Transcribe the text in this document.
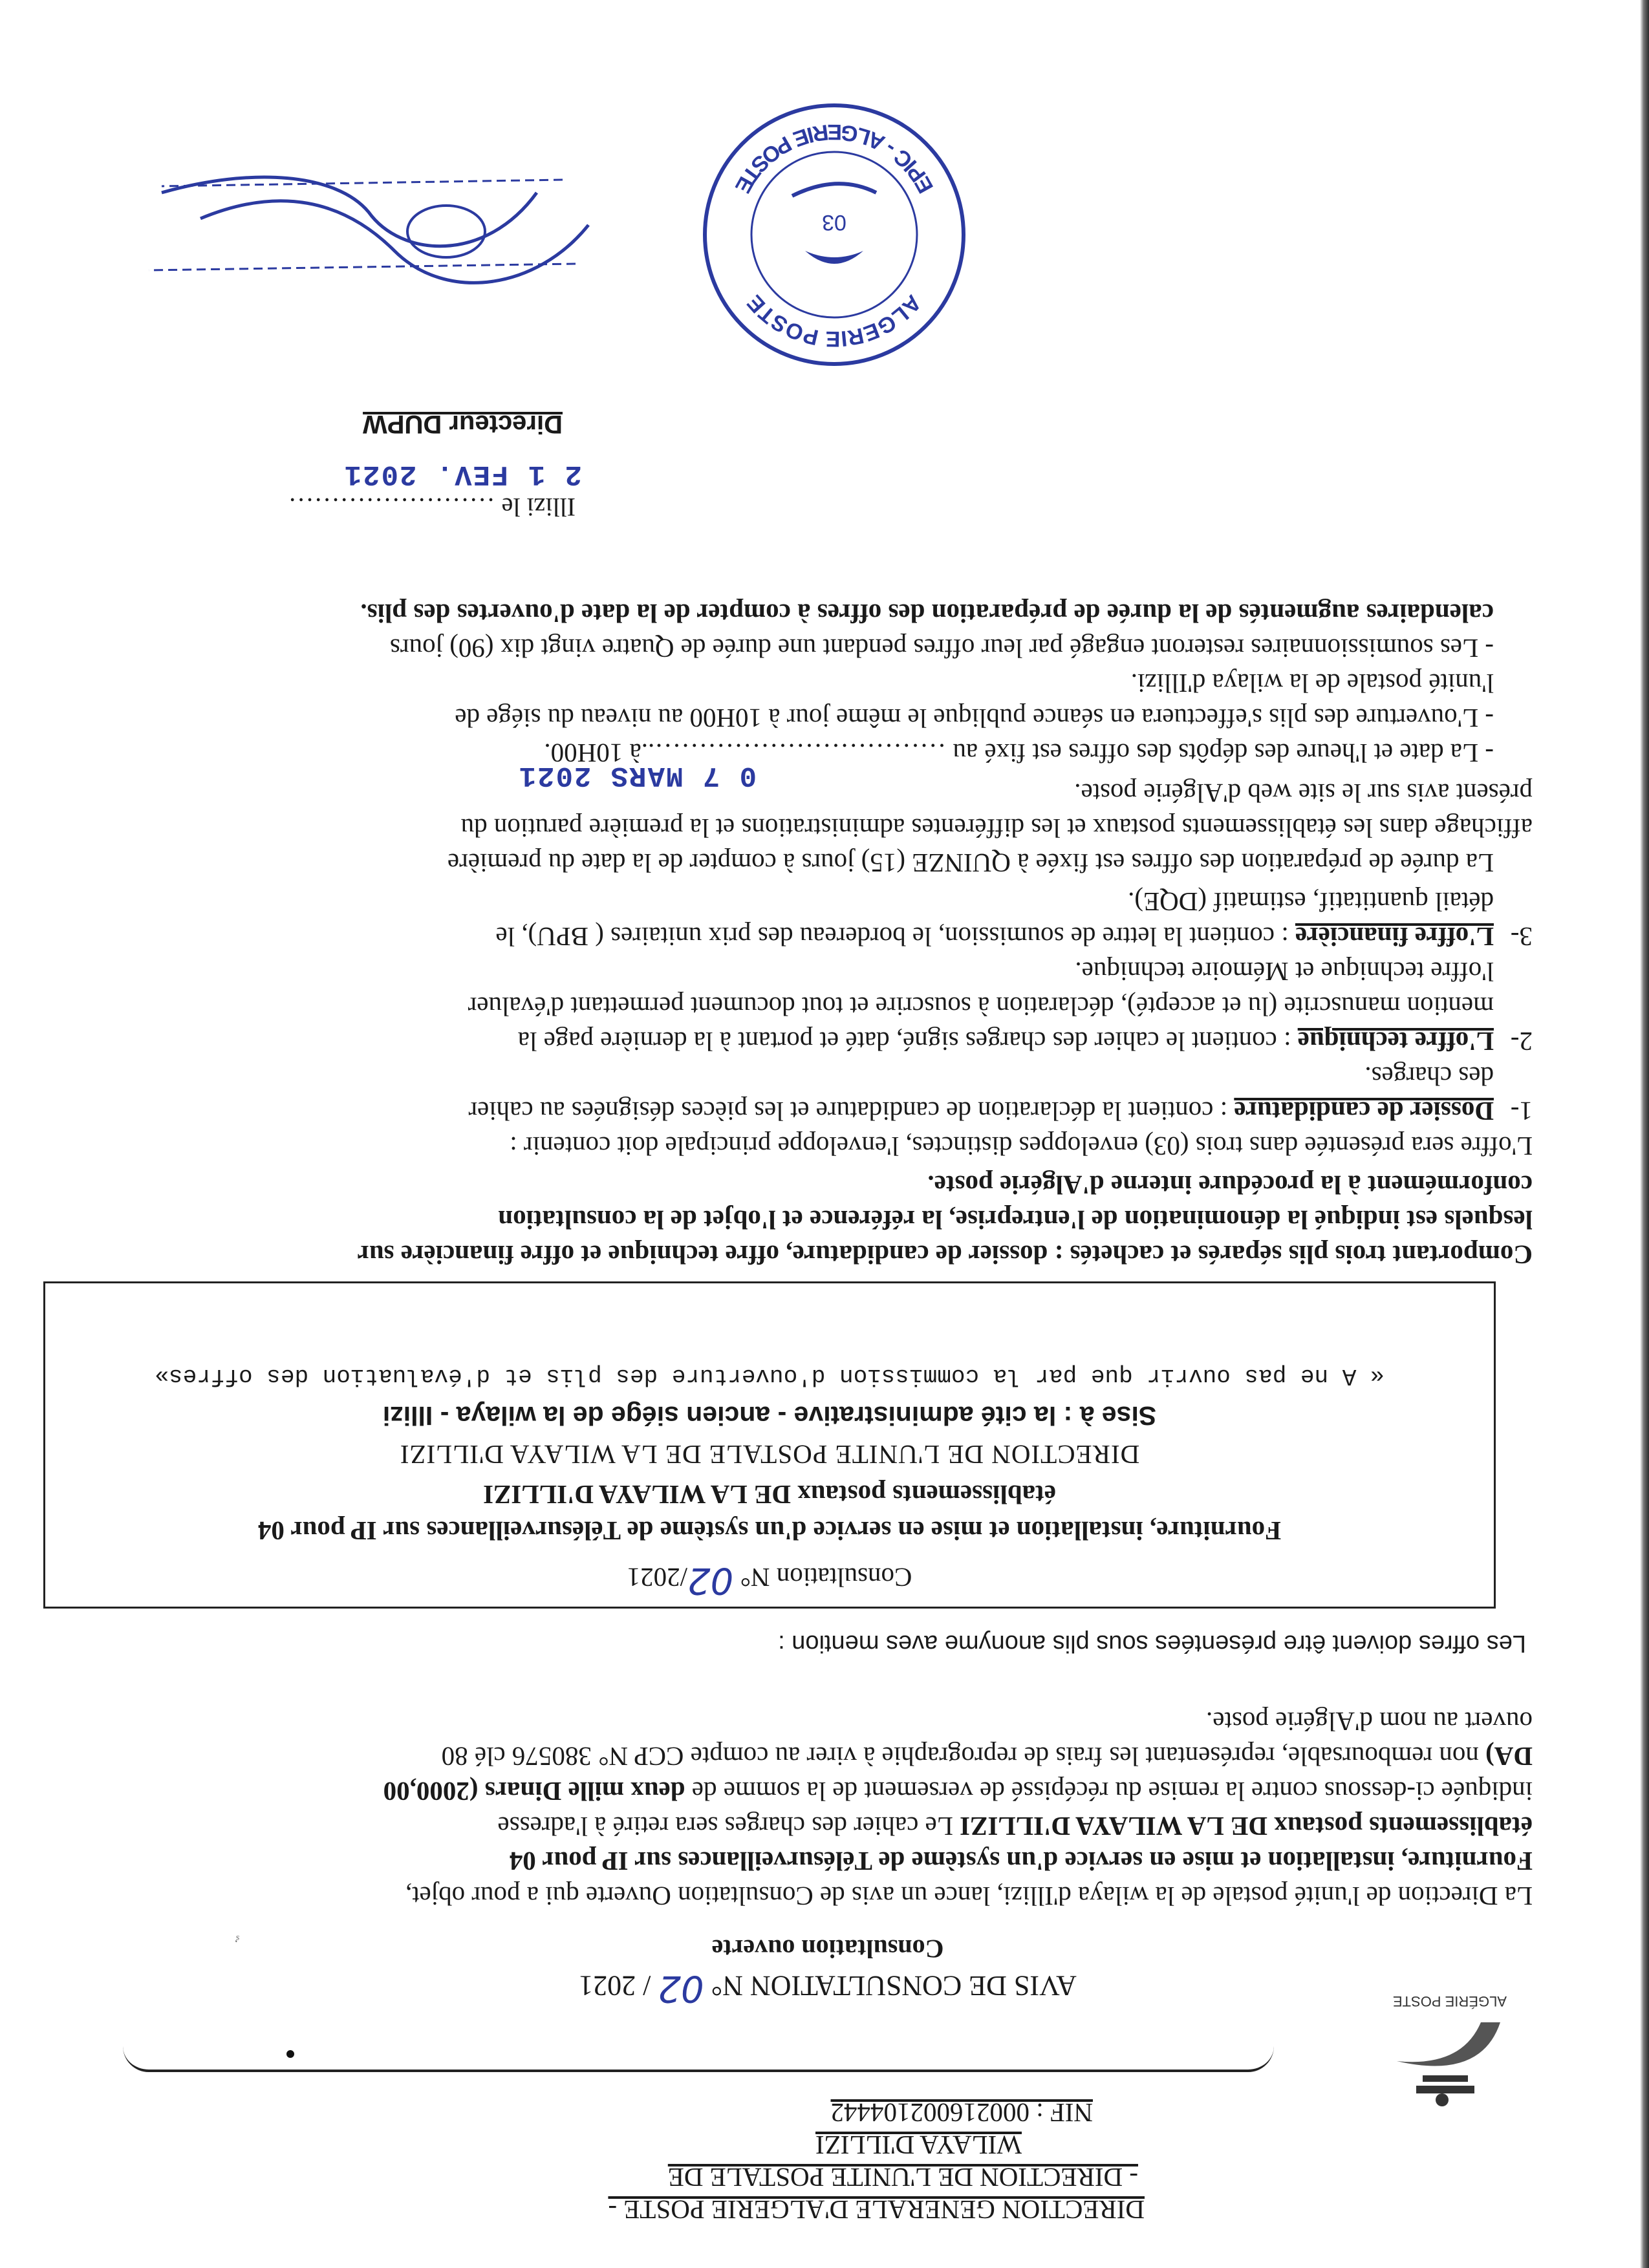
ALGÉRIE POSTE
DIRECTION GENERALE D'ALGERIE POSTE -
- DIRECTION DE L'UNITE POSTALE DE
WILAYA D'ILLIZI
NIF : 000216002104442
AVIS DE CONSULTATION N° 02 / 2021
Consultation ouverte
ˢ̓
La Direction de l'unité postale de la wilaya d'Illizi, lance un avis de Consultation Ouverte qui a pour objet,
Fourniture, installation et mise en service d'un système de Télésurveillances sur IP pour 04
établissements postaux DE LA WILAYA D'ILLIZI Le cahier des charges sera retiré à l'adresse
indiquée ci-dessous contre la remise du récépissé de versement de la somme de deux mille Dinars (2000,00
DA) non remboursable, représentant les frais de reprographie à virer au compte CCP N° 380576 clé 80
ouvert au nom d'Algérie poste.
Les offres doivent être présentées sous plis anonyme aves mention :
Consultation N° 02/2021
Fourniture, installation et mise en service d'un système de Télésurveillances sur IP pour 04
établissements postaux DE LA WILAYA D'ILLIZI
DIRECTION DE L'UNITE POSTALE DE LA WILAYA D'ILLIZI
Sise à : la cité administrative - ancien siége de la wilaya - Illizi
« A ne pas ouvrir que par la commission d'ouverture des plis et d'évaluation des offres»
Comportant trois plis séparés et cachetés : dossier de candidature, offre technique et offre financière sur
lesquels est indiqué la dénomination de l'entreprise, la référence et l'objet de la consultation
conformément à la procédure interne d'Algérie poste.
L'offre sera présentée dans trois (03) enveloppes distinctes, l'enveloppe principale doit contenir :
1-
Dossier de candidature : contient la déclaration de candidature et les pièces désignées au cahier
des charges.
2-
L'offre technique : contient le cahier des charges signé, daté et portant à la dernière page la
mention manuscrite (lu et accepté), déclaration à souscrire et tout document permettant d'évaluer
l'offre technique et Mémoire technique.
3-
L'offre financière : contient la lettre de soumission, le bordereau des prix unitaires ( BPU), le
détail quantitatif, estimatif (DQE).
La durée de préparation des offres est fixée à QUINZE (15) jours à compter de la date du première
affichage dans les établissements postaux et les différentes administrations et la première parution du
présent avis sur le site web d'Algérie poste.
- La date et l'heure des dépôts des offres est fixé au ……………………………..à 10H00.
0 7 MARS 2021
- L'ouverture des plis s'effectuera en séance publique le même jour à 10H00 au niveau du siége de
l'unité postale de la wilaya d'Illizi.
- Les soumissionnaires resteront engagé par leur offres pendant une durée de Quatre vingt dix (90) jours
calendaires augmentés de la durée de préparation des offres à compter de la date d'ouvertes des plis.
Illizi le ……………………
2 1 FEV. 2021
Directeur DUPW
ALGERIE POSTE
EPIC - ALGERIE POSTE
03
